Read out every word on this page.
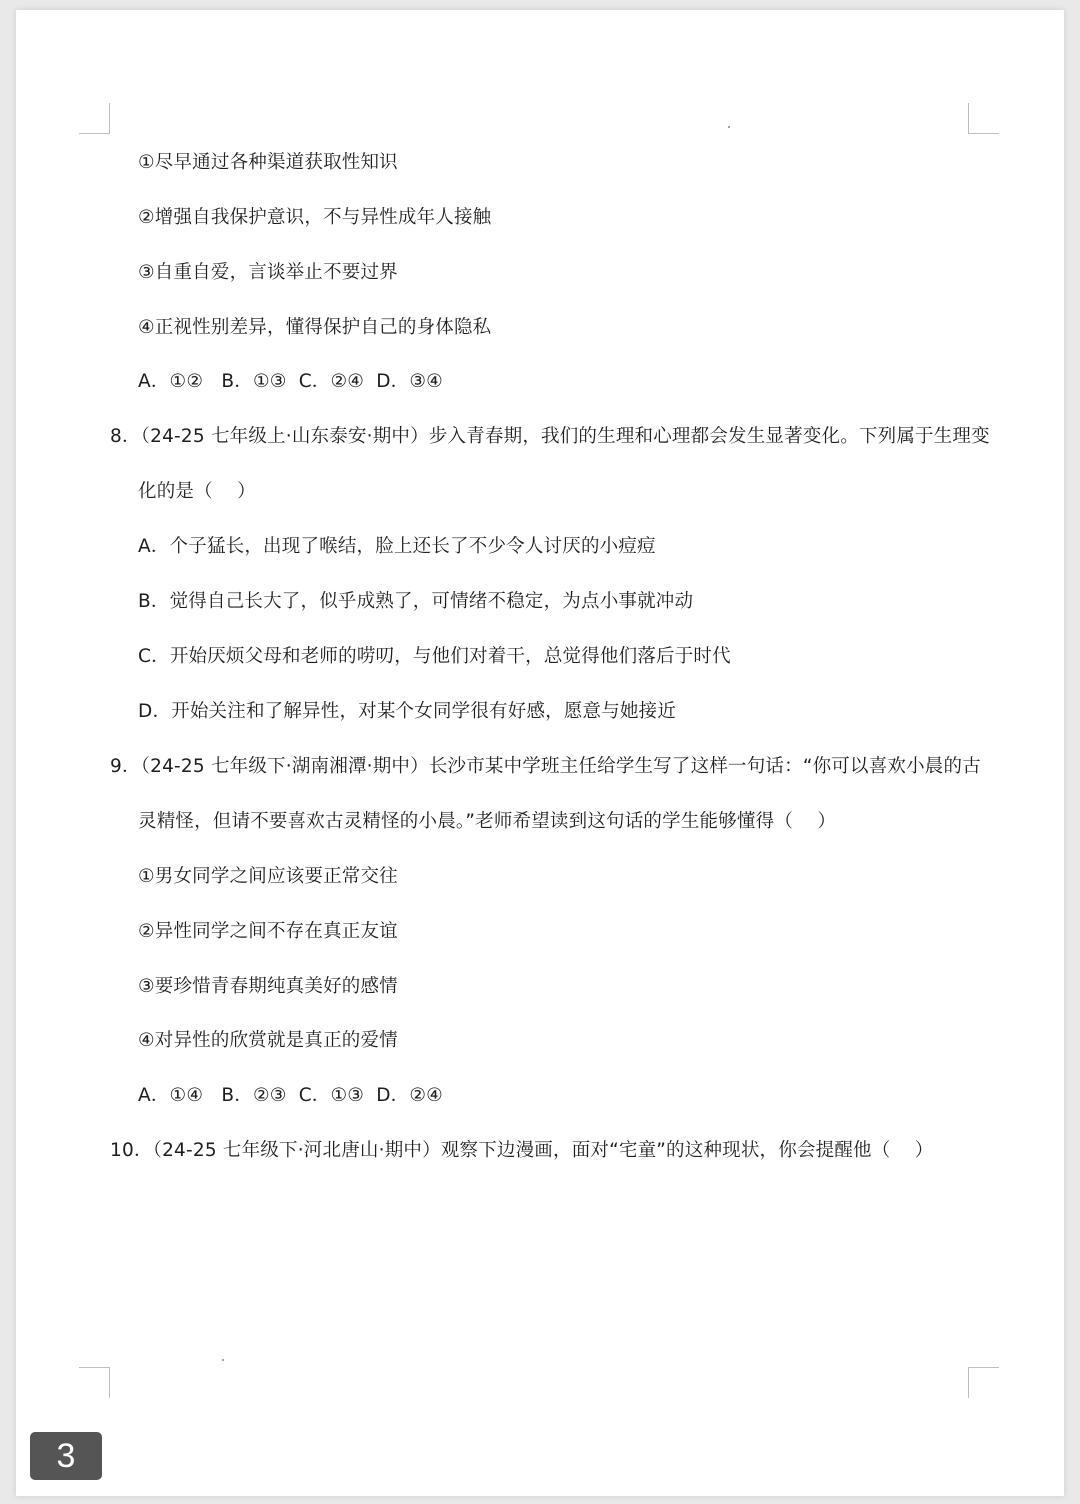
①尽早通过各种渠道获取性知识
②增强自我保护意识，不与异性成年人接触
③自重自爱，言谈举止不要过界
④正视性别差异，懂得保护自己的身体隐私
A．①②   B．①③  C．②④  D．③④
8．（24-25 七年级上·山东泰安·期中）步入青春期，我们的生理和心理都会发生显著变化。下列属于生理变
化的是（    ）
A．个子猛长，出现了喉结，脸上还长了不少令人讨厌的小痘痘
B．觉得自己长大了，似乎成熟了，可情绪不稳定，为点小事就冲动
C．开始厌烦父母和老师的唠叨，与他们对着干，总觉得他们落后于时代
D．开始关注和了解异性，对某个女同学很有好感，愿意与她接近
9．（24-25 七年级下·湖南湘潭·期中）长沙市某中学班主任给学生写了这样一句话：“你可以喜欢小晨的古
灵精怪，但请不要喜欢古灵精怪的小晨。”老师希望读到这句话的学生能够懂得（    ）
①男女同学之间应该要正常交往
②异性同学之间不存在真正友谊
③要珍惜青春期纯真美好的感情
④对异性的欣赏就是真正的爱情
A．①④   B．②③  C．①③  D．②④
10．（24-25 七年级下·河北唐山·期中）观察下边漫画，面对“宅童”的这种现状，你会提醒他（    ）
3
